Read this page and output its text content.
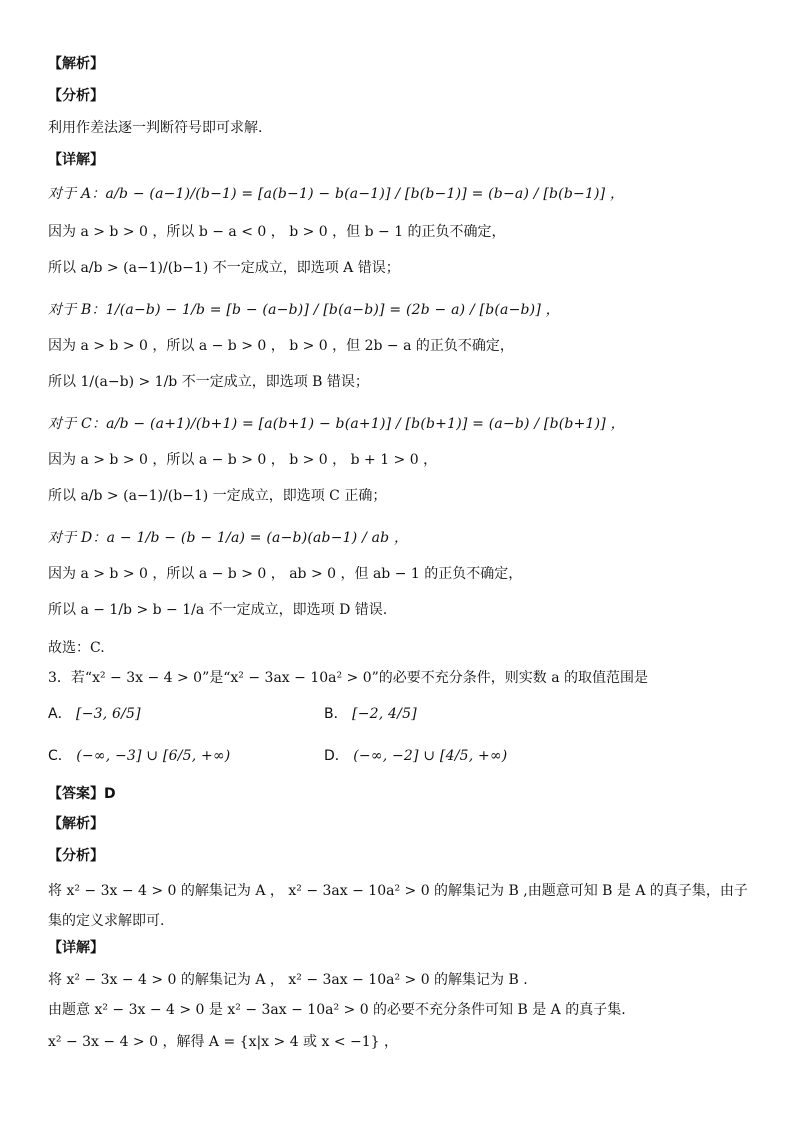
【解析】
【分析】
利用作差法逐一判断符号即可求解.
【详解】
对于 A：a/b − (a−1)/(b−1) = [a(b−1) − b(a−1)] / [b(b−1)] = (b−a) / [b(b−1)] ，
因为 a > b > 0 ，所以 b − a < 0 ， b > 0 ，但 b − 1 的正负不确定，
所以 a/b > (a−1)/(b−1) 不一定成立，即选项 A 错误；
对于 B：1/(a−b) − 1/b = [b − (a−b)] / [b(a−b)] = (2b − a) / [b(a−b)] ，
因为 a > b > 0 ，所以 a − b > 0 ， b > 0 ，但 2b − a 的正负不确定，
所以 1/(a−b) > 1/b 不一定成立，即选项 B 错误；
对于 C：a/b − (a+1)/(b+1) = [a(b+1) − b(a+1)] / [b(b+1)] = (a−b) / [b(b+1)] ，
因为 a > b > 0 ，所以 a − b > 0 ， b > 0 ， b + 1 > 0 ，
所以 a/b > (a−1)/(b−1) 一定成立，即选项 C 正确；
对于 D：a − 1/b − (b − 1/a) = (a−b)(ab−1) / ab ，
因为 a > b > 0 ，所以 a − b > 0 ， ab > 0 ，但 ab − 1 的正负不确定，
所以 a − 1/b > b − 1/a 不一定成立，即选项 D 错误.
故选：C.
3．若“x² − 3x − 4 > 0”是“x² − 3ax − 10a² > 0”的必要不充分条件，则实数 a 的取值范围是
A． [−3, 6/5]	B． [−2, 4/5]
C． (−∞, −3] ∪ [6/5, +∞)	D． (−∞, −2] ∪ [4/5, +∞)
【答案】D
【解析】
【分析】
将 x² − 3x − 4 > 0 的解集记为 A ， x² − 3ax − 10a² > 0 的解集记为 B ,由题意可知 B 是 A 的真子集，由子集的定义求解即可.
【详解】
将 x² − 3x − 4 > 0 的解集记为 A ， x² − 3ax − 10a² > 0 的解集记为 B .
由题意 x² − 3x − 4 > 0 是 x² − 3ax − 10a² > 0 的必要不充分条件可知 B 是 A 的真子集.
x² − 3x − 4 > 0 ，解得 A = {x|x > 4 或 x < −1} ，
